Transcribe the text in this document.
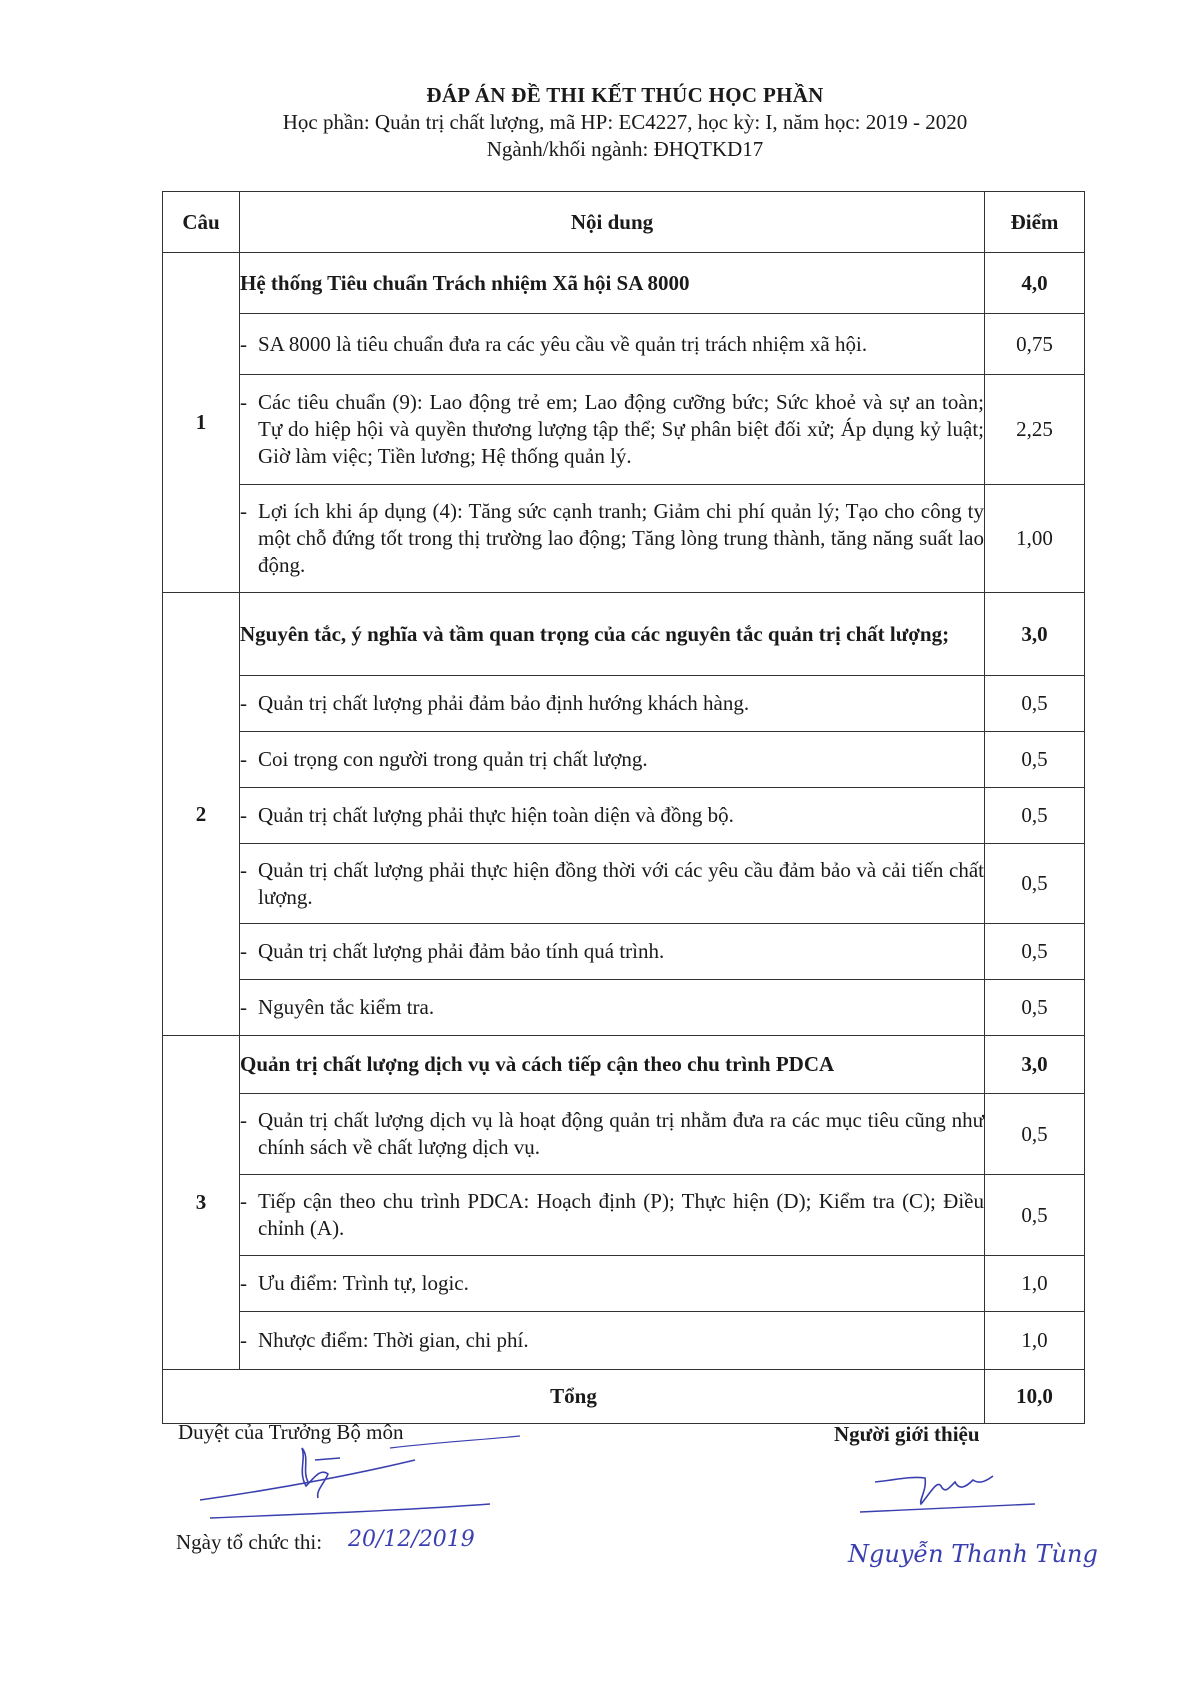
ĐÁP ÁN ĐỀ THI KẾT THÚC HỌC PHẦN
Học phần: Quản trị chất lượng, mã HP: EC4227, học kỳ: I, năm học: 2019 - 2020
Ngành/khối ngành: ĐHQTKD17
Câu	Nội dung	Điểm
1	Hệ thống Tiêu chuẩn Trách nhiệm Xã hội SA 8000	4,0

	- SA 8000 là tiêu chuẩn đưa ra các yêu cầu về quản trị trách nhiệm xã hội.	0,75

	- Các tiêu chuẩn (9): Lao động trẻ em; Lao động cưỡng bức; Sức khoẻ và sự an toàn; Tự do hiệp hội và quyền thương lượng tập thể; Sự phân biệt đối xử; Áp dụng kỷ luật; Giờ làm việc; Tiền lương; Hệ thống quản lý.	2,25

	- Lợi ích khi áp dụng (4): Tăng sức cạnh tranh; Giảm chi phí quản lý; Tạo cho công ty một chỗ đứng tốt trong thị trường lao động; Tăng lòng trung thành, tăng năng suất lao động.	1,00
2	Nguyên tắc, ý nghĩa và tầm quan trọng của các nguyên tắc quản trị chất lượng;	3,0

	- Quản trị chất lượng phải đảm bảo định hướng khách hàng.	0,5

	- Coi trọng con người trong quản trị chất lượng.	0,5

	- Quản trị chất lượng phải thực hiện toàn diện và đồng bộ.	0,5

	- Quản trị chất lượng phải thực hiện đồng thời với các yêu cầu đảm bảo và cải tiến chất lượng.	0,5

	- Quản trị chất lượng phải đảm bảo tính quá trình.	0,5

	- Nguyên tắc kiểm tra.	0,5
3	Quản trị chất lượng dịch vụ và cách tiếp cận theo chu trình PDCA	3,0

	- Quản trị chất lượng dịch vụ là hoạt động quản trị nhằm đưa ra các mục tiêu cũng như chính sách về chất lượng dịch vụ.	0,5

	- Tiếp cận theo chu trình PDCA: Hoạch định (P); Thực hiện (D); Kiểm tra (C); Điều chỉnh (A).	0,5

	- Ưu điểm: Trình tự, logic.	1,0

	- Nhược điểm: Thời gian, chi phí.	1,0
Tổng		10,0
Duyệt của Trưởng Bộ môn	Người giới thiệu
Ngày tổ chức thi: 20/12/2019
Nguyễn Thanh Tùng
